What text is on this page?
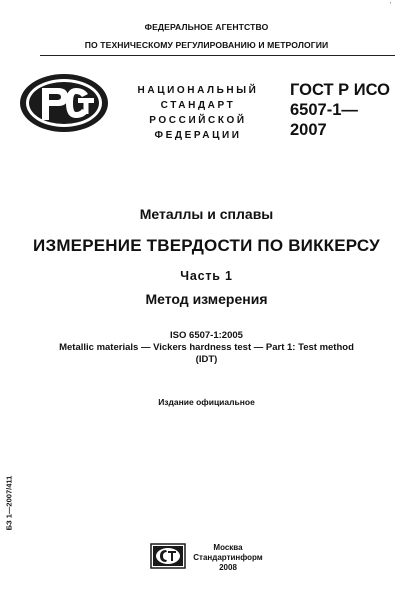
'
ФЕДЕРАЛЬНОЕ АГЕНТСТВО
ПО ТЕХНИЧЕСКОМУ РЕГУЛИРОВАНИЮ И МЕТРОЛОГИИ
НАЦИОНАЛЬНЫЙ
СТАНДАРТ
РОССИЙСКОЙ
ФЕДЕРАЦИИ
ГОСТ Р ИСО
6507-1—
2007
Металлы и сплавы
ИЗМЕРЕНИЕ ТВЕРДОСТИ ПО ВИККЕРСУ
Часть 1
Метод измерения
ISO 6507-1:2005
Metallic materials — Vickers hardness test — Part 1: Test method
(IDT)
Издание официальное
БЗ 1—2007/411
Москва
Стандартинформ
2008
